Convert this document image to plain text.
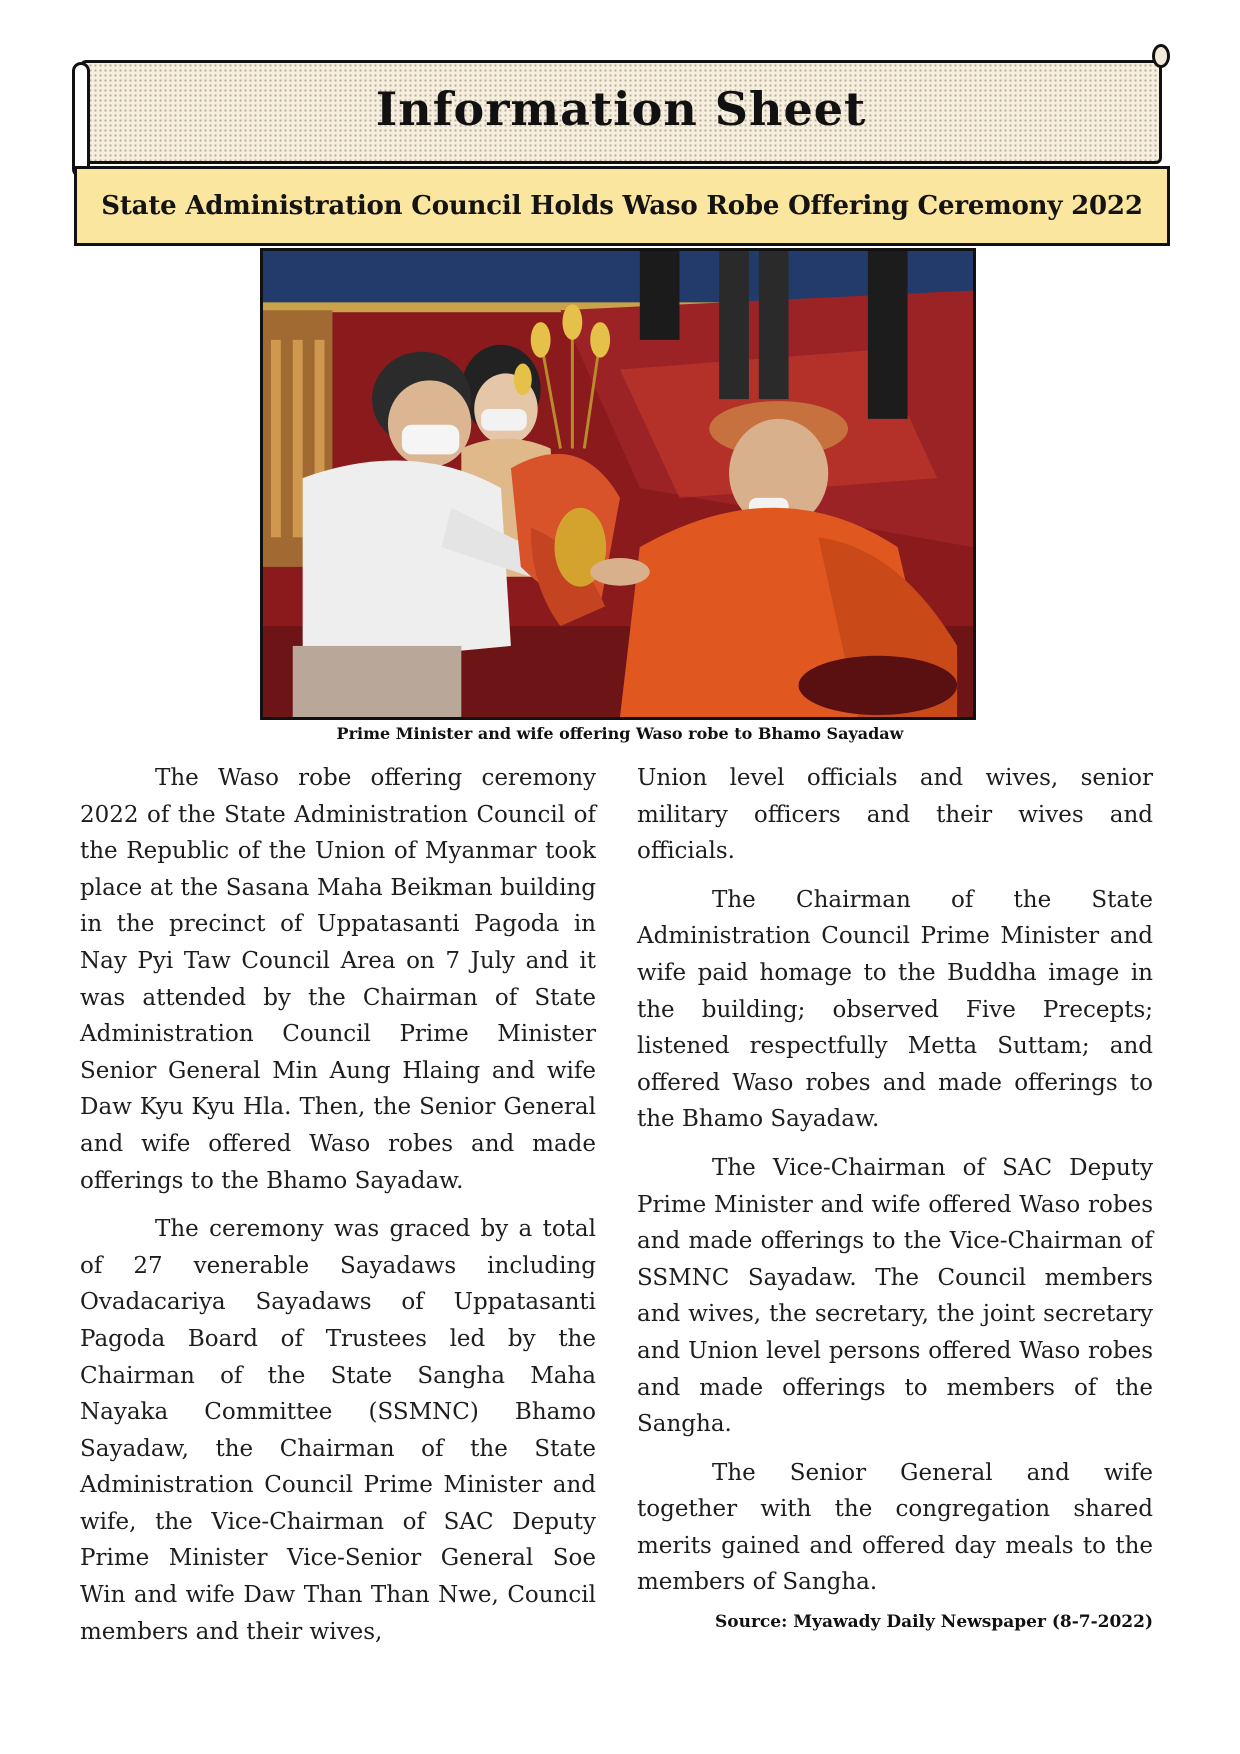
Information Sheet
State Administration Council Holds Waso Robe Offering Ceremony 2022
Prime Minister and wife offering Waso robe to Bhamo Sayadaw

The Waso robe offering ceremony 2022 of the State Administration Council of the Republic of the Union of Myanmar took place at the Sasana Maha Beikman building in the precinct of Uppatasanti Pagoda in Nay Pyi Taw Council Area on 7 July and it was attended by the Chairman of State Administration Council Prime Minister Senior General Min Aung Hlaing and wife Daw Kyu Kyu Hla. Then, the Senior General and wife offered Waso robes and made offerings to the Bhamo Sayadaw.

The ceremony was graced by a total of 27 venerable Sayadaws including Ovadacariya Sayadaws of Uppatasanti Pagoda Board of Trustees led by the Chairman of the State Sangha Maha Nayaka Committee (SSMNC) Bhamo Sayadaw, the Chairman of the State Administration Council Prime Minister and wife, the Vice-Chairman of SAC Deputy Prime Minister Vice-Senior General Soe Win and wife Daw Than Than Nwe, Council members and their wives,

Union level officials and wives, senior military officers and their wives and officials.

The Chairman of the State Administration Council Prime Minister and wife paid homage to the Buddha image in the building; observed Five Precepts; listened respectfully Metta Suttam; and offered Waso robes and made offerings to the Bhamo Sayadaw.

The Vice-Chairman of SAC Deputy Prime Minister and wife offered Waso robes and made offerings to the Vice-Chairman of SSMNC Sayadaw. The Council members and wives, the secretary, the joint secretary and Union level persons offered Waso robes and made offerings to members of the Sangha.

The Senior General and wife together with the congregation shared merits gained and offered day meals to the members of Sangha.

Source: Myawady Daily Newspaper (8-7-2022)
